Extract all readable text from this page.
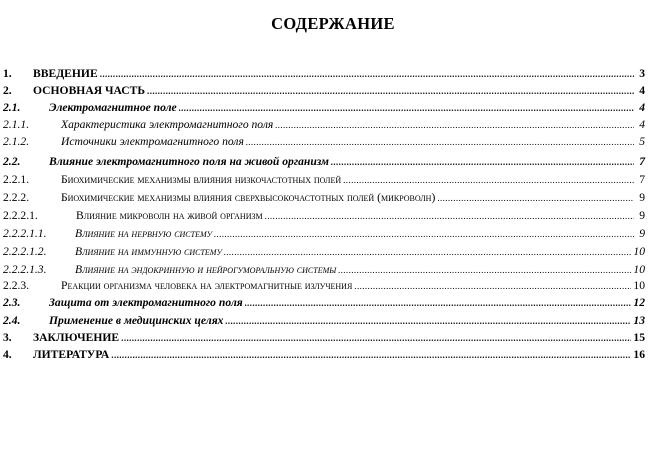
СОДЕРЖАНИЕ
1.	ВВЕДЕНИЕ .....	3
2.	ОСНОВНАЯ ЧАСТЬ .....	4
2.1.	Электромагнитное поле .....	4
2.1.1.	Характеристика электромагнитного поля .....	4
2.1.2.	Источники электромагнитного поля .....	5
2.2.	Влияние электромагнитного поля на живой организм .....	7
2.2.1.	Биохимические механизмы влияния низкочастотных полей .....	7
2.2.2.	Биохимические механизмы влияния сверхвысокочастотных полей (микроволн) .....	9
2.2.2.1.	Влияние микроволн на живой организм .....	9
2.2.2.1.1.	Влияние на нервную систему .....	9
2.2.2.1.2.	Влияние на иммунную систему .....	10
2.2.2.1.3.	Влияние на эндокринную и нейрогуморальную системы .....	10
2.2.3.	Реакции организма человека на электромагнитные излучения .....	10
2.3.	Защита от электромагнитного поля .....	12
2.4.	Применение в медицинских целях .....	13
3.	ЗАКЛЮЧЕНИЕ .....	15
4.	ЛИТЕРАТУРА .....	16
